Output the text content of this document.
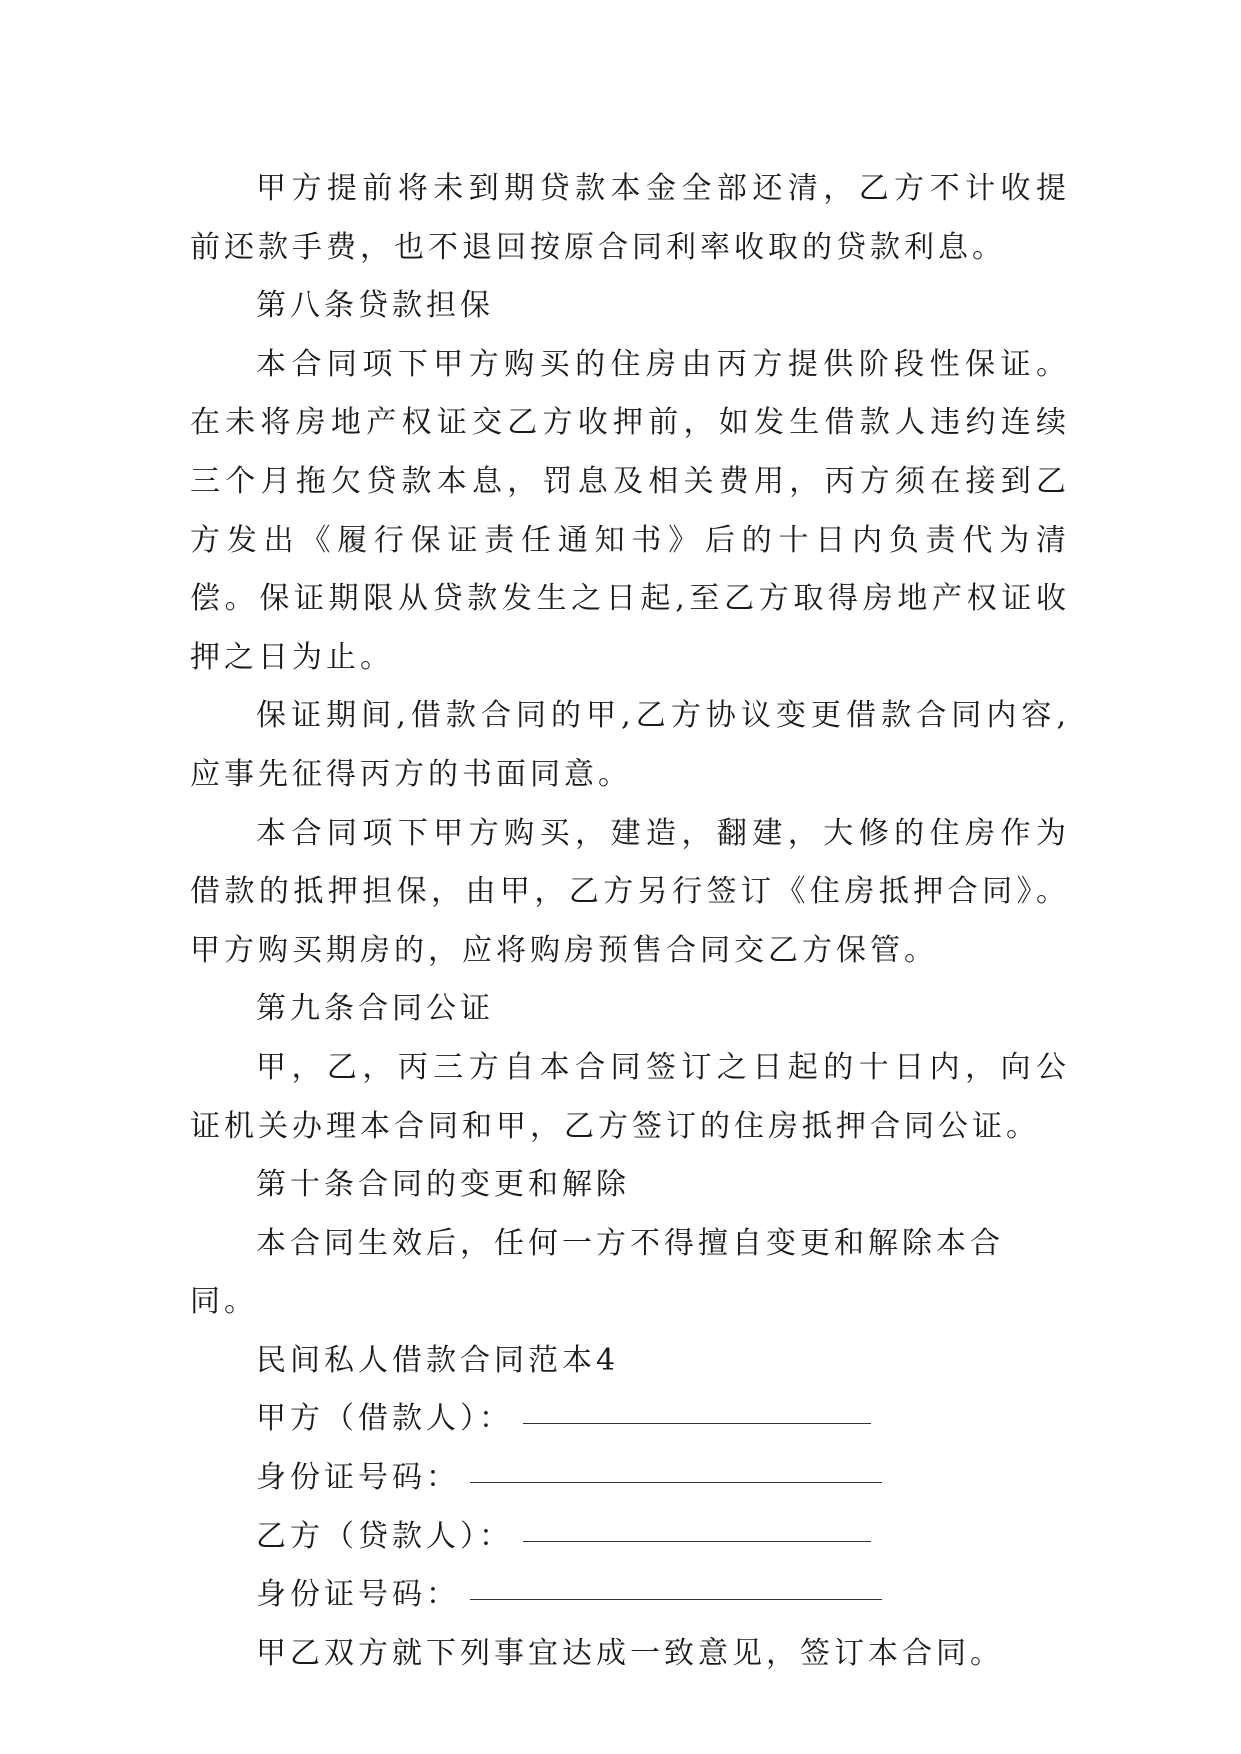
甲方提前将未到期贷款本金全部还清，乙方不计收提前还款手费，也不退回按原合同利率收取的贷款利息。

第八条贷款担保

本合同项下甲方购买的住房由丙方提供阶段性保证。在未将房地产权证交乙方收押前，如发生借款人违约连续三个月拖欠贷款本息，罚息及相关费用，丙方须在接到乙方发出《履行保证责任通知书》后的十日内负责代为清偿。保证期限从贷款发生之日起,至乙方取得房地产权证收押之日为止。

保证期间,借款合同的甲,乙方协议变更借款合同内容,应事先征得丙方的书面同意。

本合同项下甲方购买，建造，翻建，大修的住房作为借款的抵押担保，由甲，乙方另行签订《住房抵押合同》。甲方购买期房的，应将购房预售合同交乙方保管。

第九条合同公证

甲，乙，丙三方自本合同签订之日起的十日内，向公证机关办理本合同和甲，乙方签订的住房抵押合同公证。

第十条合同的变更和解除

本合同生效后，任何一方不得擅自变更和解除本合同。

民间私人借款合同范本4

甲方（借款人）：
身份证号码：
乙方（贷款人）：
身份证号码：

甲乙双方就下列事宜达成一致意见，签订本合同。
